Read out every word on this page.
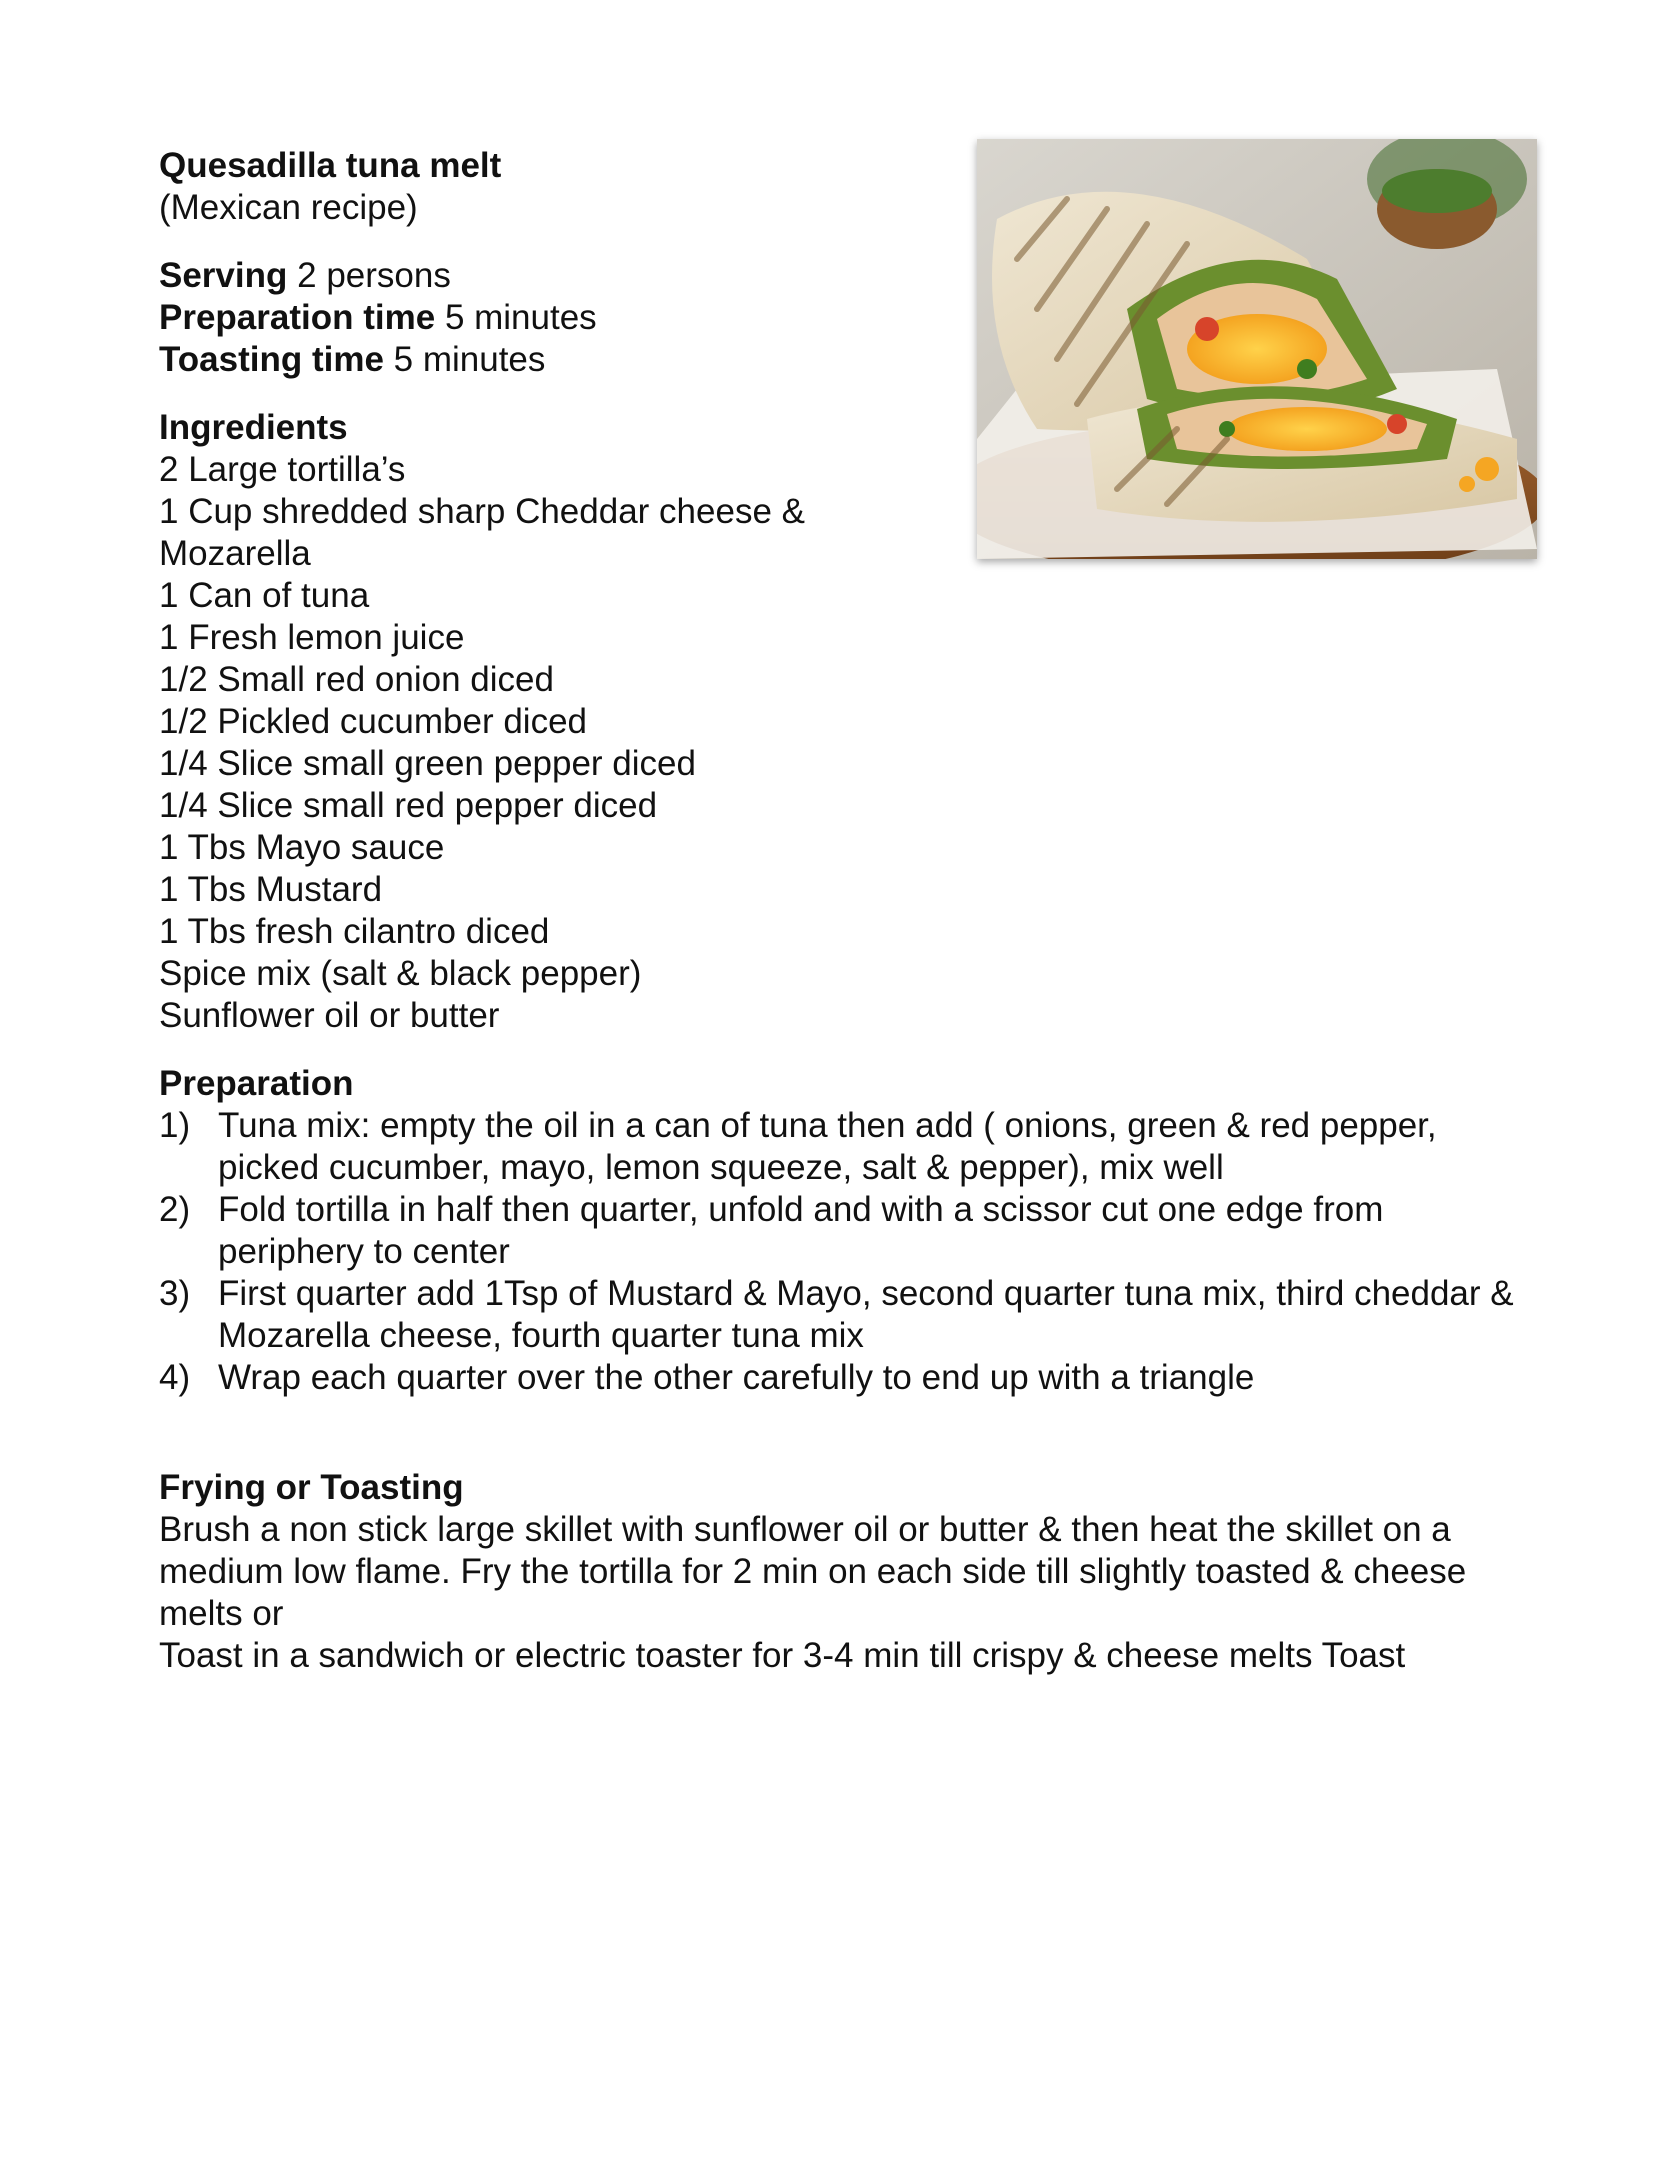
Quesadilla tuna melt
(Mexican recipe)
Serving 2 persons
Preparation time 5 minutes
Toasting time 5 minutes
Ingredients
2 Large tortilla’s
1 Cup shredded sharp Cheddar cheese & Mozarella
1 Can of tuna
1 Fresh lemon juice
1/2 Small red onion diced
1/2 Pickled cucumber diced
1/4 Slice small green pepper diced
1/4 Slice small red pepper diced
1 Tbs Mayo sauce
1 Tbs Mustard
1 Tbs fresh cilantro diced
Spice mix (salt & black pepper)
Sunflower oil or butter
Preparation
1) Tuna mix: empty the oil in a can of tuna then add ( onions, green & red pepper, picked cucumber, mayo, lemon squeeze, salt & pepper), mix well
2) Fold tortilla in half then quarter, unfold and with a scissor cut one edge from periphery to center
3) First quarter add 1Tsp of Mustard & Mayo, second quarter tuna mix, third cheddar & Mozarella cheese, fourth quarter tuna mix
4) Wrap each quarter over the other carefully to end up with a triangle
Frying or Toasting
Brush a non stick large skillet with sunflower oil or butter & then heat the skillet on a medium low flame. Fry the tortilla for 2 min on each side till slightly toasted & cheese melts or
Toast in a sandwich or electric toaster for 3-4 min till crispy & cheese melts Toast
